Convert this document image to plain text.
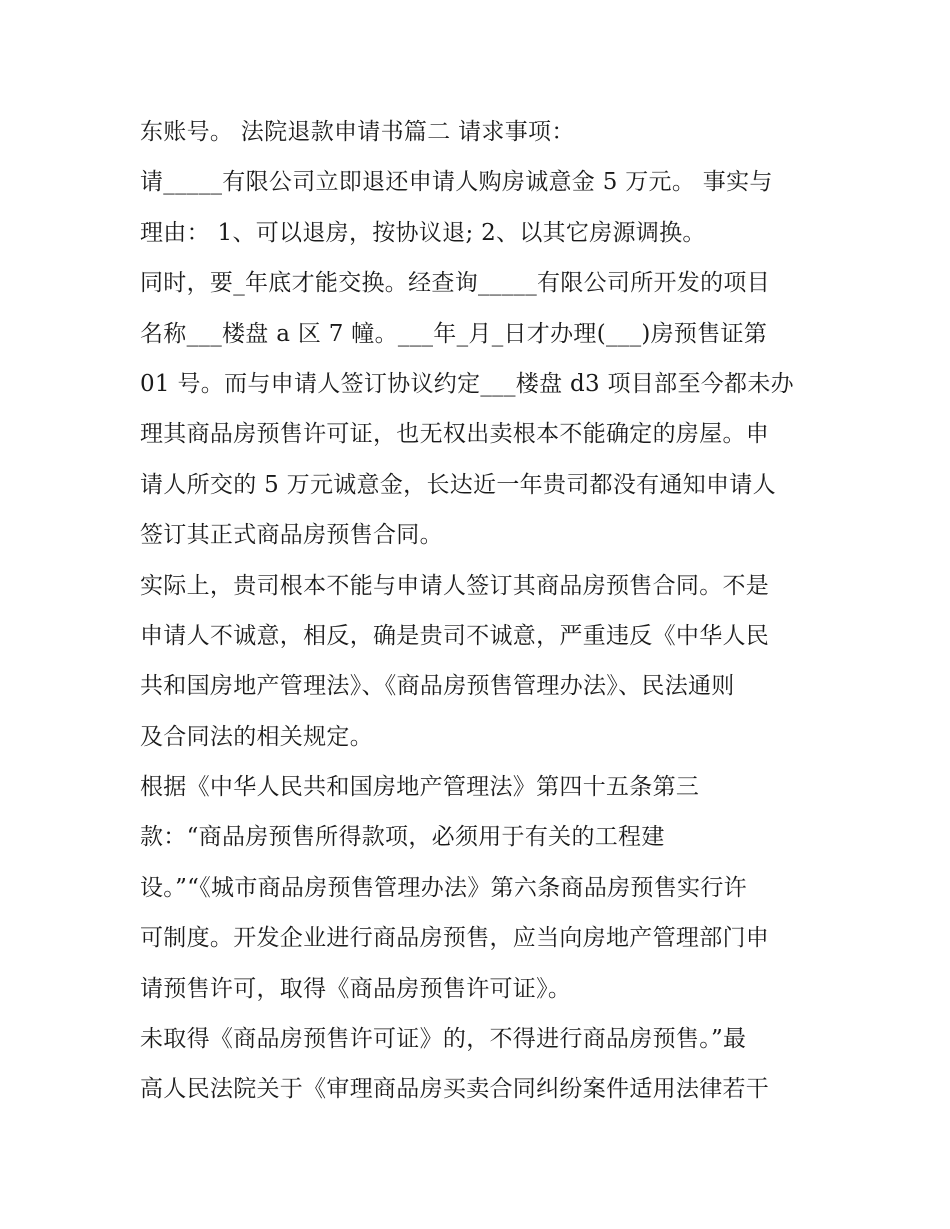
东账号。 法院退款申请书篇二 请求事项：
请_____有限公司立即退还申请人购房诚意金 5 万元。 事实与
理由： 1、可以退房，按协议退; 2、以其它房源调换。
同时，要_年底才能交换。经查询_____有限公司所开发的项目
名称___楼盘 a 区 7 幢。___年_月_日才办理(___)房预售证第
01 号。而与申请人签订协议约定___楼盘 d3 项目部至今都未办
理其商品房预售许可证，也无权出卖根本不能确定的房屋。申
请人所交的 5 万元诚意金，长达近一年贵司都没有通知申请人
签订其正式商品房预售合同。
实际上，贵司根本不能与申请人签订其商品房预售合同。不是
申请人不诚意，相反，确是贵司不诚意，严重违反《中华人民
共和国房地产管理法》、《商品房预售管理办法》、民法通则
及合同法的相关规定。
根据《中华人民共和国房地产管理法》第四十五条第三
款：“商品房预售所得款项，必须用于有关的工程建
设。”“《城市商品房预售管理办法》第六条商品房预售实行许
可制度。开发企业进行商品房预售，应当向房地产管理部门申
请预售许可，取得《商品房预售许可证》。
未取得《商品房预售许可证》的，不得进行商品房预售。”最
高人民法院关于《审理商品房买卖合同纠纷案件适用法律若干
